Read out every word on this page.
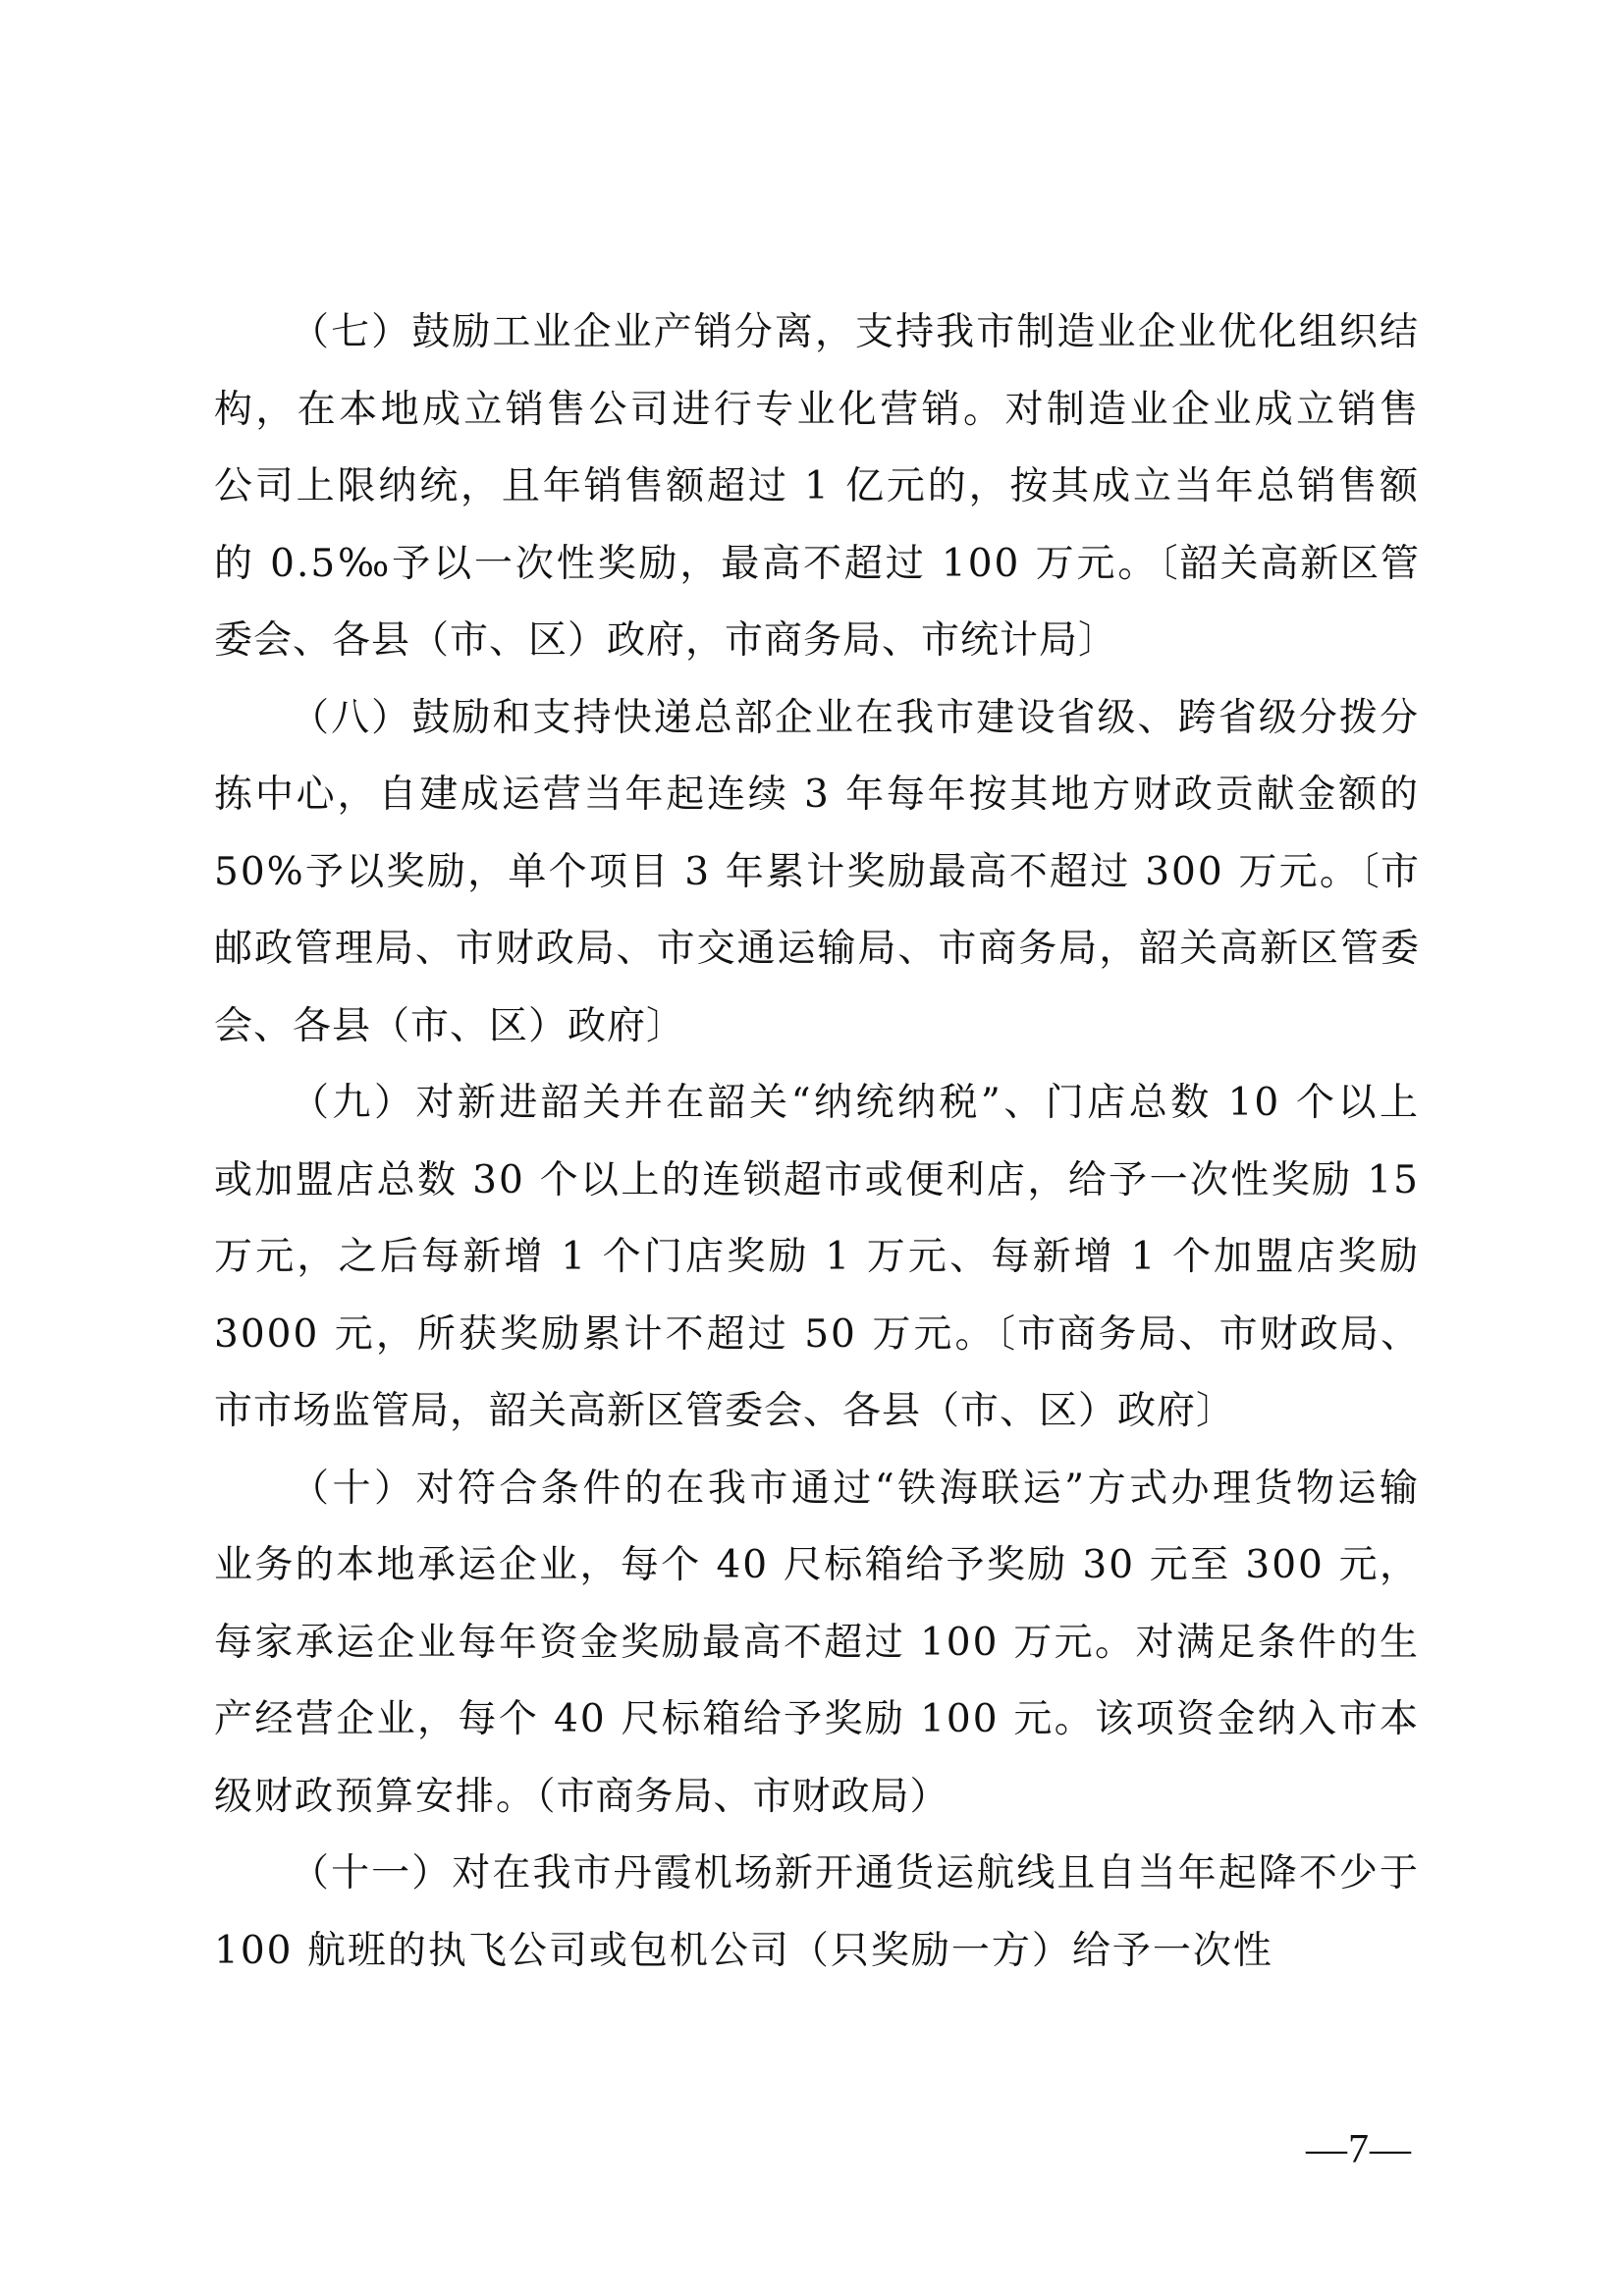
（七）鼓励工业企业产销分离，支持我市制造业企业优化组织结构，在本地成立销售公司进行专业化营销。对制造业企业成立销售公司上限纳统，且年销售额超过 1 亿元的，按其成立当年总销售额的 0.5‰予以一次性奖励，最高不超过 100 万元。〔韶关高新区管委会、各县（市、区）政府，市商务局、市统计局〕

（八）鼓励和支持快递总部企业在我市建设省级、跨省级分拨分拣中心，自建成运营当年起连续 3 年每年按其地方财政贡献金额的 50%予以奖励，单个项目 3 年累计奖励最高不超过 300 万元。〔市邮政管理局、市财政局、市交通运输局、市商务局，韶关高新区管委会、各县（市、区）政府〕

（九）对新进韶关并在韶关“纳统纳税”、门店总数 10 个以上或加盟店总数 30 个以上的连锁超市或便利店，给予一次性奖励 15 万元，之后每新增 1 个门店奖励 1 万元、每新增 1 个加盟店奖励 3000 元，所获奖励累计不超过 50 万元。〔市商务局、市财政局、市市场监管局，韶关高新区管委会、各县（市、区）政府〕

（十）对符合条件的在我市通过“铁海联运”方式办理货物运输业务的本地承运企业，每个 40 尺标箱给予奖励 30 元至 300 元，每家承运企业每年资金奖励最高不超过 100 万元。对满足条件的生产经营企业，每个 40 尺标箱给予奖励 100 元。该项资金纳入市本级财政预算安排。（市商务局、市财政局）

（十一）对在我市丹霞机场新开通货运航线且自当年起降不少于 100 航班的执飞公司或包机公司（只奖励一方）给予一次性

—7—
